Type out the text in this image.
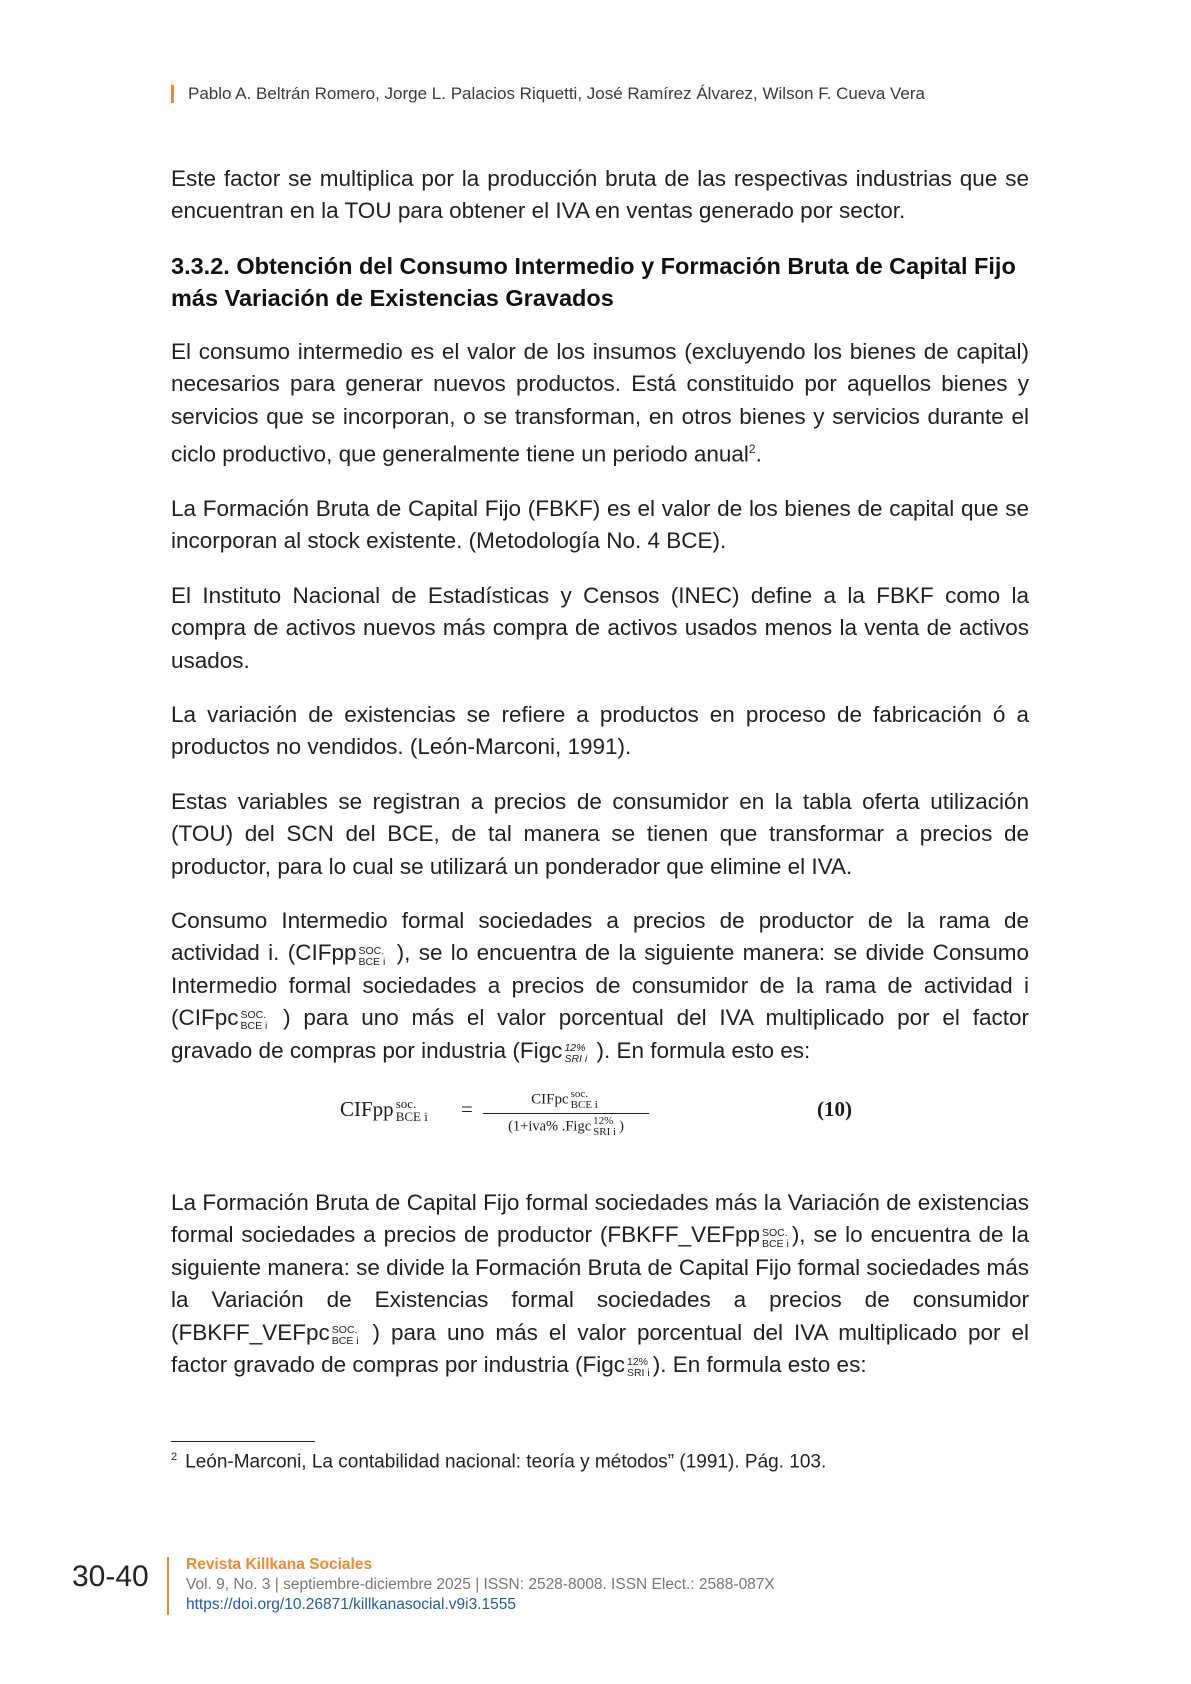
Pablo A. Beltrán Romero, Jorge L. Palacios Riquetti, José Ramírez Álvarez, Wilson F. Cueva Vera

Este factor se multiplica por la producción bruta de las respectivas industrias que se encuentran en la TOU para obtener el IVA en ventas generado por sector.

3.3.2. Obtención del Consumo Intermedio y Formación Bruta de Capital Fijo más Variación de Existencias Gravados

El consumo intermedio es el valor de los insumos (excluyendo los bienes de capital) necesarios para generar nuevos productos. Está constituido por aquellos bienes y servicios que se incorporan, o se transforman, en otros bienes y servicios durante el ciclo productivo, que generalmente tiene un periodo anual$^2$.

La Formación Bruta de Capital Fijo (FBKF) es el valor de los bienes de capital que se incorporan al stock existente. (Metodología No. 4 BCE).

El Instituto Nacional de Estadísticas y Censos (INEC) define a la FBKF como la compra de activos nuevos más compra de activos usados menos la venta de activos usados.

La variación de existencias se refiere a productos en proceso de fabricación ó a productos no vendidos. (León-Marconi, 1991).

Estas variables se registran a precios de consumidor en la tabla oferta utilización (TOU) del SCN del BCE, de tal manera se tienen que transformar a precios de productor, para lo cual se utilizará un ponderador que elimine el IVA.

Consumo Intermedio formal sociedades a precios de productor de la rama de actividad i. (CIFpp SOC.
BCE i ), se lo encuentra de la siguiente manera: se divide Consumo Intermedio formal sociedades a precios de consumidor de la rama de actividad i (CIFpc SOC.
BCE i ) para uno más el valor porcentual del IVA multiplicado por el factor gravado de compras por industria (Figc 12%
SRI i ). En formula esto es:

CIFpp soc.
BCE i =	CIFpc soc.
BCE i
(1+iva% .Figc 12%
SRI i )
(10)

La Formación Bruta de Capital Fijo formal sociedades más la Variación de existencias formal sociedades a precios de productor (FBKFF_VEFpp SOC.
BCE i ), se lo encuentra de la siguiente manera: se divide la Formación Bruta de Capital Fijo formal sociedades más la Variación de Existencias formal sociedades a precios de consumidor (FBKFF_VEFpc SOC.
BCE i ) para uno más el valor porcentual del IVA multiplicado por el factor gravado de compras por industria (Figc 12%
SRI i ). En formula esto es:

$^2$ León-Marconi, La contabilidad nacional: teoría y métodos” (1991). Pág. 103.
30-40 Revista Killkana Sociales
Vol. 9, No. 3 | septiembre-diciembre 2025 | ISSN: 2528-8008. ISSN Elect.: 2588-087X
https://doi.org/10.26871/killkanasocial.v9i3.1555
